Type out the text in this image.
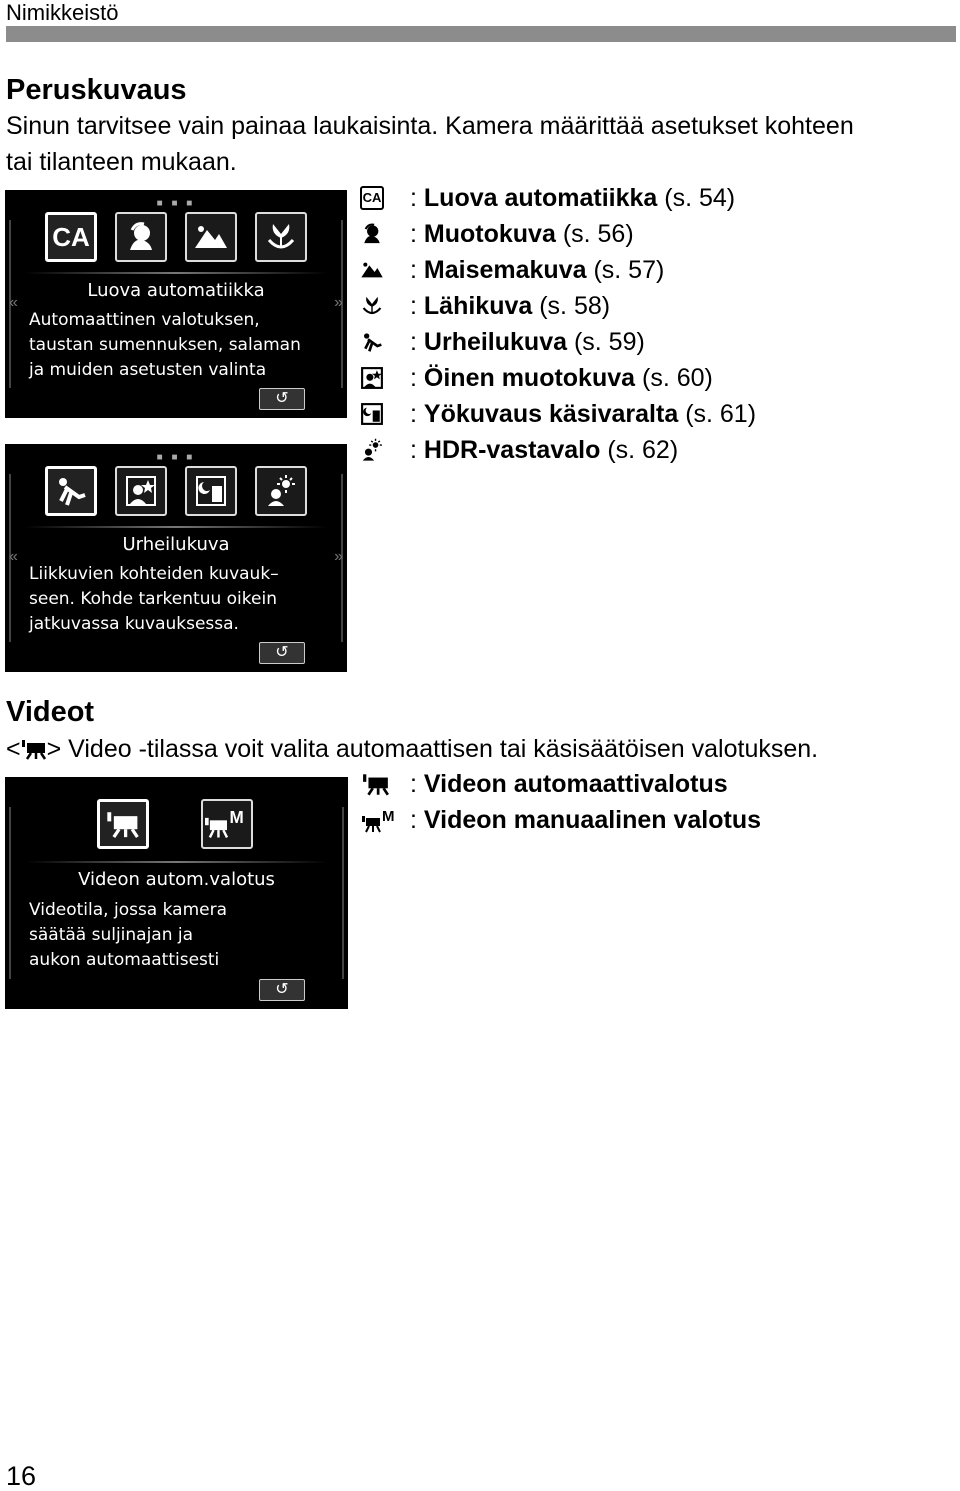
Nimikkeistö
Peruskuvaus
Sinun tarvitsee vain painaa laukaisinta. Kamera määrittää asetukset kohteen
tai tilanteen mukaan.
■ ■ ■
CA
«	»
Luova automatiikka
Automaattinen valotuksen,
taustan sumennuksen, salaman
ja muiden asetusten valinta
↺
■ ■ ■
«	»
Urheilukuva
Liikkuvien kohteiden kuvauk–
seen. Kohde tarkentuu oikein
jatkuvassa kuvauksessa.
↺
CA : Luova automatiikka (s. 54)
: Muotokuva (s. 56)
: Maisemakuva (s. 57)
: Lähikuva (s. 58)
: Urheilukuva (s. 59)
: Öinen muotokuva (s. 60)
: Yökuvaus käsivaralta (s. 61)
: HDR-vastavalo (s. 62)
Videot
< > Video -tilassa voit valita automaattisen tai käsisäätöisen valotuksen.
M
Videon autom.valotus
Videotila, jossa kamera
säätää suljinajan ja
aukon automaattisesti
↺
: Videon automaattivalotus
M : Videon manuaalinen valotus
16
